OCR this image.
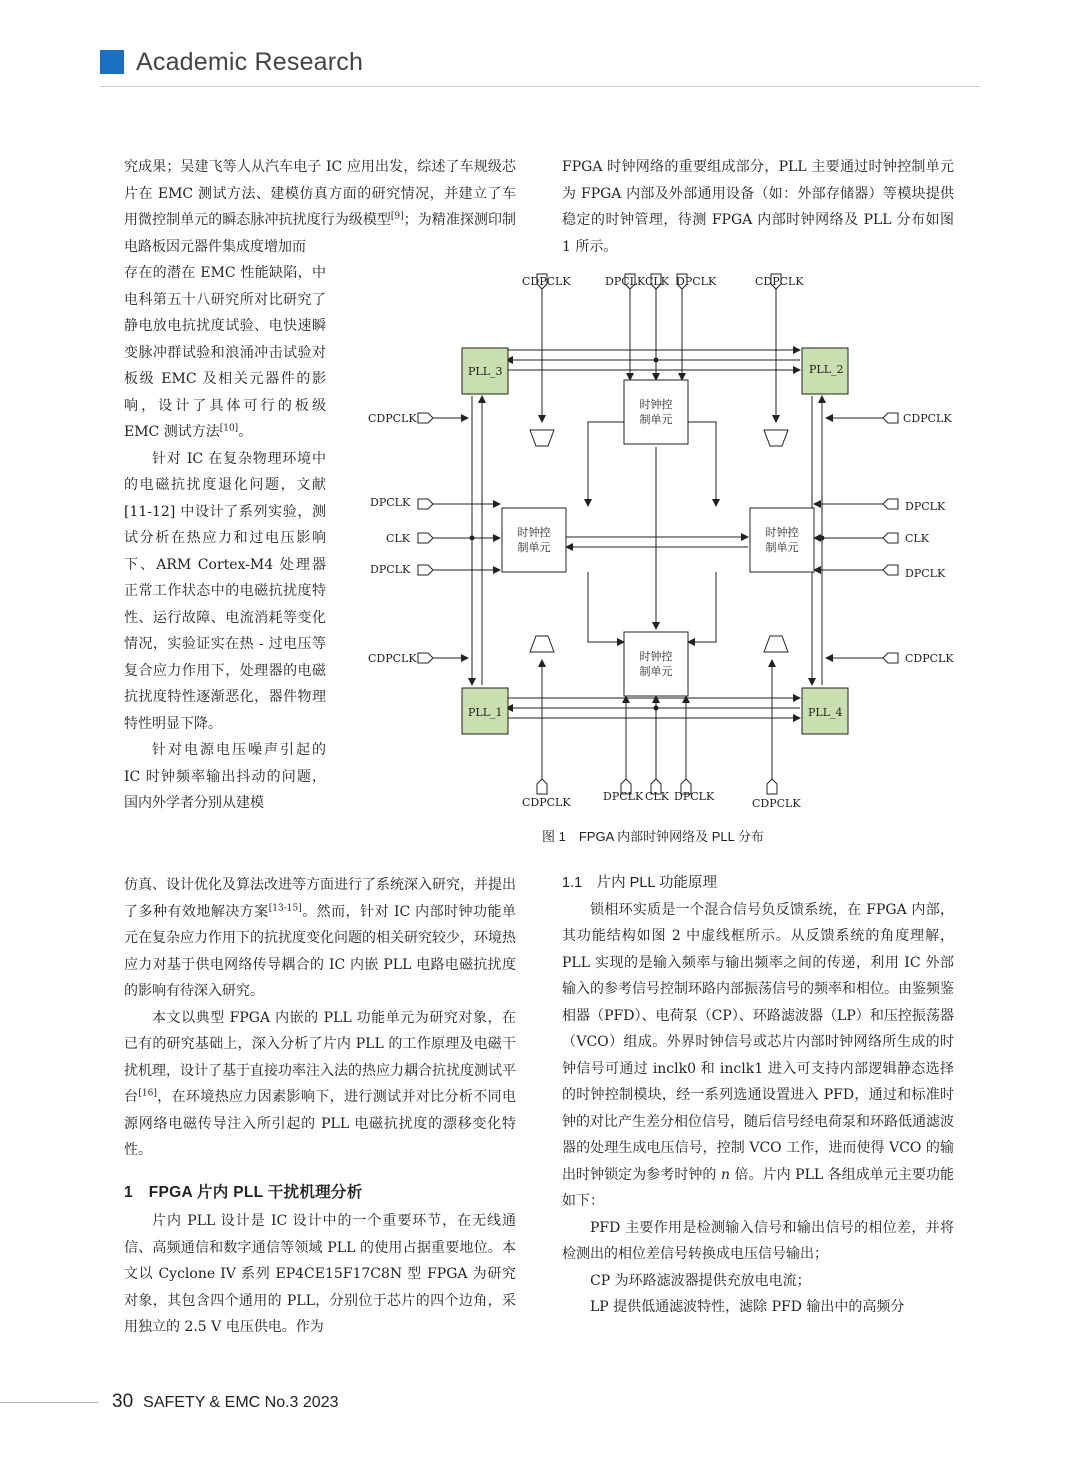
Academic Research

究成果；吴建飞等人从汽车电子 IC 应用出发，综述了车规级芯片在 EMC 测试方法、建模仿真方面的研究情况，并建立了车用微控制单元的瞬态脉冲抗扰度行为级模型[9]；为精准探测印制电路板因元器件集成度增加而

存在的潜在 EMC 性能缺陷，中电科第五十八研究所对比研究了静电放电抗扰度试验、电快速瞬变脉冲群试验和浪涌冲击试验对板级 EMC 及相关元器件的影响，设计了具体可行的板级 EMC 测试方法[10]。

针对 IC 在复杂物理环境中的电磁抗扰度退化问题，文献 [11-12] 中设计了系列实验，测试分析在热应力和过电压影响下、ARM Cortex-M4 处理器正常工作状态中的电磁抗扰度特性、运行故障、电流消耗等变化情况，实验证实在热 - 过电压等复合应力作用下，处理器的电磁抗扰度特性逐渐恶化，器件物理特性明显下降。

针对电源电压噪声引起的 IC 时钟频率输出抖动的问题，国内外学者分别从建模

仿真、设计优化及算法改进等方面进行了系统深入研究，并提出了多种有效地解决方案[13-15]。然而，针对 IC 内部时钟功能单元在复杂应力作用下的抗扰度变化问题的相关研究较少，环境热应力对基于供电网络传导耦合的 IC 内嵌 PLL 电路电磁抗扰度的影响有待深入研究。

本文以典型 FPGA 内嵌的 PLL 功能单元为研究对象，在已有的研究基础上，深入分析了片内 PLL 的工作原理及电磁干扰机理，设计了基于直接功率注入法的热应力耦合抗扰度测试平台[16]，在环境热应力因素影响下，进行测试并对比分析不同电源网络电磁传导注入所引起的 PLL 电磁抗扰度的漂移变化特性。

1　FPGA 片内 PLL 干扰机理分析

片内 PLL 设计是 IC 设计中的一个重要环节，在无线通信、高频通信和数字通信等领域 PLL 的使用占据重要地位。本文以 Cyclone IV 系列 EP4CE15F17C8N 型 FPGA 为研究对象，其包含四个通用的 PLL，分别位于芯片的四个边角，采用独立的 2.5 V 电压供电。作为

FPGA 时钟网络的重要组成部分，PLL 主要通过时钟控制单元为 FPGA 内部及外部通用设备（如：外部存储器）等模块提供稳定的时钟管理，待测 FPGA 内部时钟网络及 PLL 分布如图 1 所示。

1.1　片内 PLL 功能原理

锁相环实质是一个混合信号负反馈系统，在 FPGA 内部，其功能结构如图 2 中虚线框所示。从反馈系统的角度理解，PLL 实现的是输入频率与输出频率之间的传递，利用 IC 外部输入的参考信号控制环路内部振荡信号的频率和相位。由鉴频鉴相器（PFD）、电荷泵（CP）、环路滤波器（LP）和压控振荡器（VCO）组成。外界时钟信号或芯片内部时钟网络所生成的时钟信号可通过 inclk0 和 inclk1 进入可支持内部逻辑静态选择的时钟控制模块，经一系列选通设置进入 PFD，通过和标准时钟的对比产生差分相位信号，随后信号经电荷泵和环路低通滤波器的处理生成电压信号，控制 VCO 工作，进而使得 VCO 的输出时钟锁定为参考时钟的 n 倍。片内 PLL 各组成单元主要功能如下：

PFD 主要作用是检测输入信号和输出信号的相位差，并将检测出的相位差信号转换成电压信号输出；

CP 为环路滤波器提供充放电电流；

LP 提供低通滤波特性，滤除 PFD 输出中的高频分

时钟控
制单元
时钟控
制单元
时钟控
制单元
时钟控
制单元
PLL_3	PLL_2
PLL_1	PLL_4
CDPCLK	DPCLK CLK DPCLK	CDPCLK
CDPCLK	DPCLK CLK DPCLK
CDPCLK
CDPCLK
DPCLK
CLK
DPCLK
CDPCLK
CDPCLK
DPCLK
CLK
DPCLK
CDPCLK
图 1　FPGA 内部时钟网络及 PLL 分布
30 SAFETY & EMC No.3 2023
